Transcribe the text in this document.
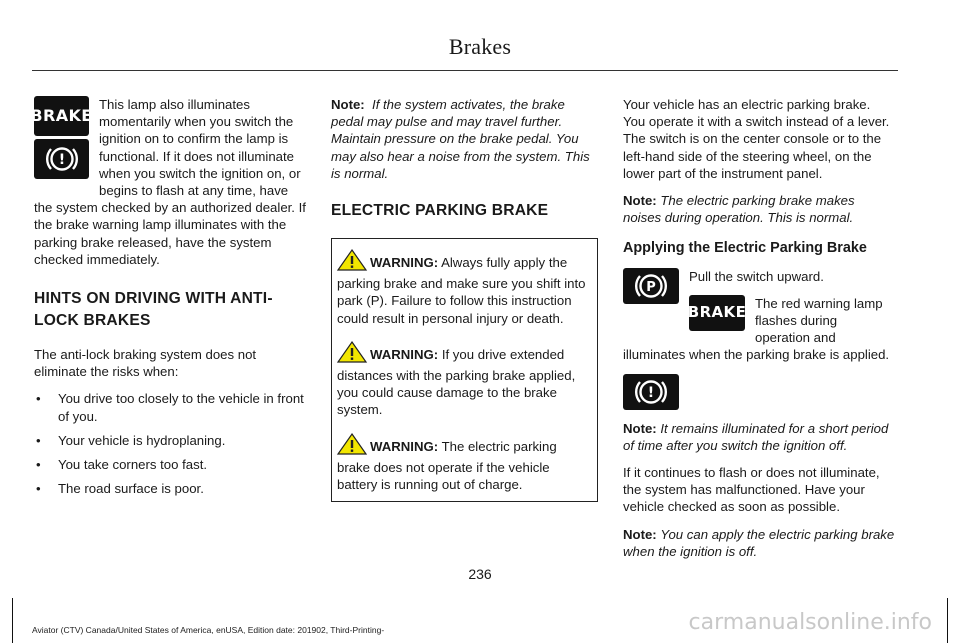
Brakes
BRAKE
!

This lamp also illuminates momentarily when you switch the ignition on to confirm the lamp is functional. If it does not illuminate when you switch the ignition on, or begins to flash at any time, have the system checked by an authorized dealer. If the brake warning lamp illuminates with the parking brake released, have the system checked immediately.

HINTS ON DRIVING WITH ANTI-LOCK BRAKES

The anti-lock braking system does not eliminate the risks when:

• You drive too closely to the vehicle in front of you.
• Your vehicle is hydroplaning.
• You take corners too fast.
• The road surface is poor.

Note: If the system activates, the brake pedal may pulse and may travel further. Maintain pressure on the brake pedal. You may also hear a noise from the system. This is normal.

ELECTRIC PARKING BRAKE

WARNING: Always fully apply the parking brake and make sure you shift into park (P). Failure to follow this instruction could result in personal injury or death.

WARNING: If you drive extended distances with the parking brake applied, you could cause damage to the brake system.

WARNING: The electric parking brake does not operate if the vehicle battery is running out of charge.

Your vehicle has an electric parking brake. You operate it with a switch instead of a lever. The switch is on the center console or to the left-hand side of the steering wheel, on the lower part of the instrument panel.

Note: The electric parking brake makes noises during operation. This is normal.

Applying the Electric Parking Brake
P

Pull the switch upward.

BRAKE The red warning lamp flashes during operation and illuminates when the parking brake is applied.

!

Note: It remains illuminated for a short period of time after you switch the ignition off.

If it continues to flash or does not illuminate, the system has malfunctioned. Have your vehicle checked as soon as possible.

Note: You can apply the electric parking brake when the ignition is off.

236
Aviator (CTV) Canada/United States of America, enUSA, Edition date: 201902, Third-Printing-	carmanualsonline.info
